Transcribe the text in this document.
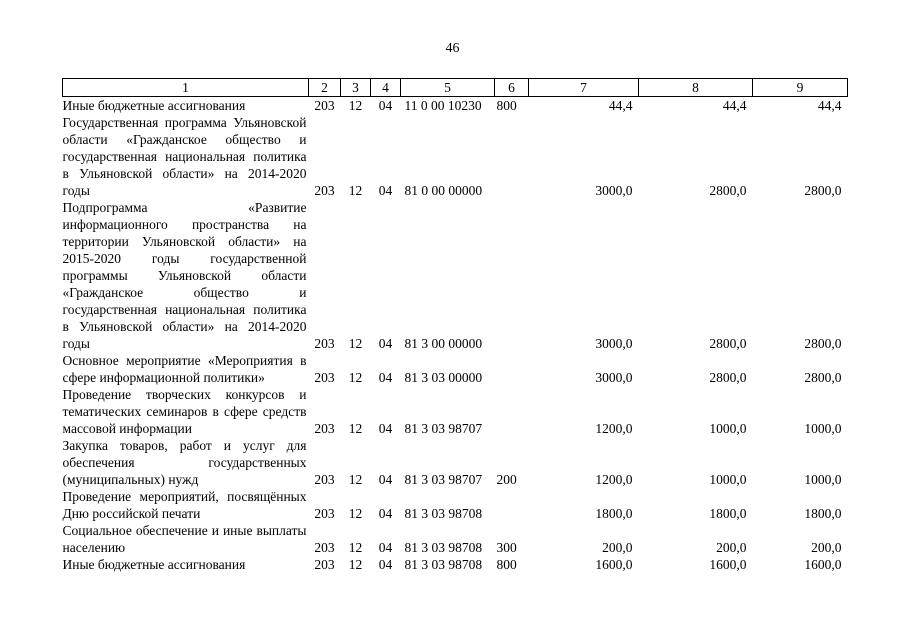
46
1	2	3	4	5	6	7	8	9
Иные бюджетные ассигнования	203	12	04	11 0 00 10230	800	44,4	44,4	44,4
Государственная программа Ульяновской области «Гражданское общество и государственная национальная политика в Ульяновской области» на 2014-2020 годы	203	12	04	81 0 00 00000		3000,0	2800,0	2800,0
Подпрограмма «Развитие информационного пространства на территории Ульяновской области» на 2015-2020 годы государственной программы Ульяновской области «Гражданское общество и государственная национальная политика в Ульяновской области» на 2014-2020 годы	203	12	04	81 3 00 00000		3000,0	2800,0	2800,0
Основное мероприятие «Мероприятия в сфере информационной политики»	203	12	04	81 3 03 00000		3000,0	2800,0	2800,0
Проведение творческих конкурсов и тематических семинаров в сфере средств массовой информации	203	12	04	81 3 03 98707		1200,0	1000,0	1000,0
Закупка товаров, работ и услуг для обеспечения государственных (муниципальных) нужд	203	12	04	81 3 03 98707	200	1200,0	1000,0	1000,0
Проведение мероприятий, посвящённых Дню российской печати	203	12	04	81 3 03 98708		1800,0	1800,0	1800,0
Социальное обеспечение и иные выплаты населению	203	12	04	81 3 03 98708	300	200,0	200,0	200,0
Иные бюджетные ассигнования	203	12	04	81 3 03 98708	800	1600,0	1600,0	1600,0
